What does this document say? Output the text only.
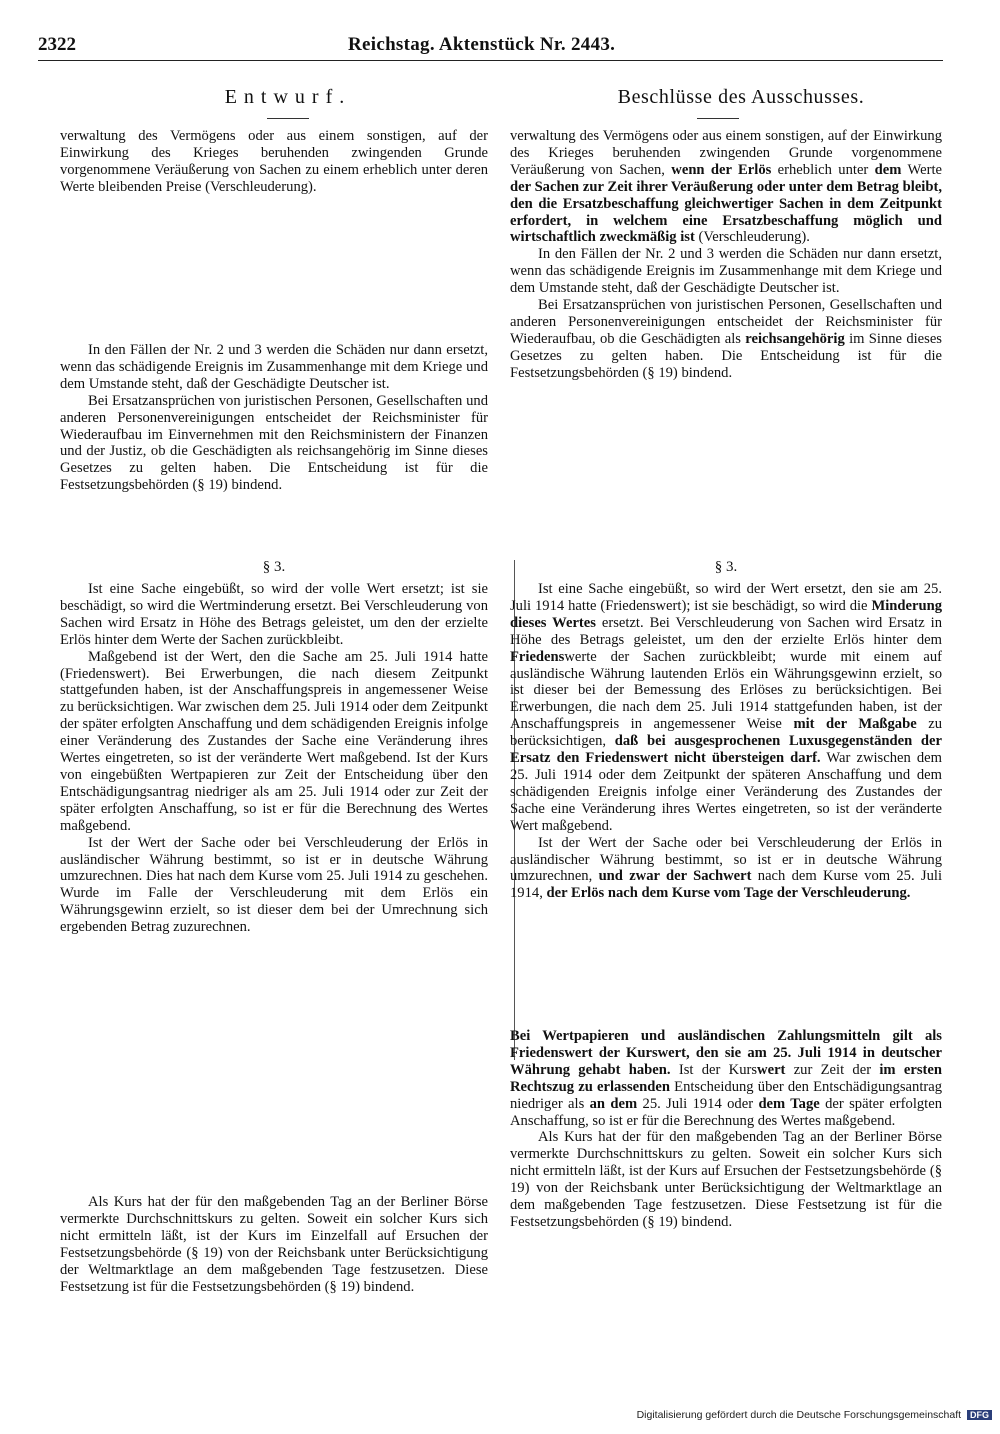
2322	Reichstag. Aktenstück Nr. 2443.
Entwurf.	Beschlüsse des Ausschusses.

verwaltung des Vermögens oder aus einem sonstigen, auf der Einwirkung des Krieges beruhenden zwingenden Grunde vorgenommene Veräußerung von Sachen zu einem erheblich unter deren Werte bleibenden Preise (Verschleuderung).

In den Fällen der Nr. 2 und 3 werden die Schäden nur dann ersetzt, wenn das schädigende Ereignis im Zusammenhange mit dem Kriege und dem Umstande steht, daß der Geschädigte Deutscher ist.

Bei Ersatzansprüchen von juristischen Personen, Gesellschaften und anderen Personenvereinigungen entscheidet der Reichsminister für Wiederaufbau im Einvernehmen mit den Reichsministern der Finanzen und der Justiz, ob die Geschädigten als reichsangehörig im Sinne dieses Gesetzes zu gelten haben. Die Entscheidung ist für die Festsetzungsbehörden (§ 19) bindend.

§ 3.

Ist eine Sache eingebüßt, so wird der volle Wert ersetzt; ist sie beschädigt, so wird die Wertminderung ersetzt. Bei Verschleuderung von Sachen wird Ersatz in Höhe des Betrags geleistet, um den der erzielte Erlös hinter dem Werte der Sachen zurückbleibt.

Maßgebend ist der Wert, den die Sache am 25. Juli 1914 hatte (Friedenswert). Bei Erwerbungen, die nach diesem Zeitpunkt stattgefunden haben, ist der Anschaffungspreis in angemessener Weise zu berücksichtigen. War zwischen dem 25. Juli 1914 oder dem Zeitpunkt der später erfolgten Anschaffung und dem schädigenden Ereignis infolge einer Veränderung des Zustandes der Sache eine Veränderung ihres Wertes eingetreten, so ist der veränderte Wert maßgebend. Ist der Kurs von eingebüßten Wertpapieren zur Zeit der Entscheidung über den Entschädigungsantrag niedriger als am 25. Juli 1914 oder zur Zeit der später erfolgten Anschaffung, so ist er für die Berechnung des Wertes maßgebend.

Ist der Wert der Sache oder bei Verschleuderung der Erlös in ausländischer Währung bestimmt, so ist er in deutsche Währung umzurechnen. Dies hat nach dem Kurse vom 25. Juli 1914 zu geschehen. Wurde im Falle der Verschleuderung mit dem Erlös ein Währungsgewinn erzielt, so ist dieser dem bei der Umrechnung sich ergebenden Betrag zuzurechnen.

Als Kurs hat der für den maßgebenden Tag an der Berliner Börse vermerkte Durchschnittskurs zu gelten. Soweit ein solcher Kurs sich nicht ermitteln läßt, ist der Kurs im Einzelfall auf Ersuchen der Festsetzungsbehörde (§ 19) von der Reichsbank unter Berücksichtigung der Weltmarktlage an dem maßgebenden Tage festzusetzen. Diese Festsetzung ist für die Festsetzungsbehörden (§ 19) bindend.

verwaltung des Vermögens oder aus einem sonstigen, auf der Einwirkung des Krieges beruhenden zwingenden Grunde vorgenommene Veräußerung von Sachen, wenn der Erlös erheblich unter dem Werte der Sachen zur Zeit ihrer Veräußerung oder unter dem Betrag bleibt, den die Ersatzbeschaffung gleichwertiger Sachen in dem Zeitpunkt erfordert, in welchem eine Ersatzbeschaffung möglich und wirtschaftlich zweckmäßig ist (Verschleuderung).

In den Fällen der Nr. 2 und 3 werden die Schäden nur dann ersetzt, wenn das schädigende Ereignis im Zusammenhange mit dem Kriege und dem Umstande steht, daß der Geschädigte Deutscher ist.

Bei Ersatzansprüchen von juristischen Personen, Gesellschaften und anderen Personenvereinigungen entscheidet der Reichsminister für Wiederaufbau, ob die Geschädigten als reichsangehörig im Sinne dieses Gesetzes zu gelten haben. Die Entscheidung ist für die Festsetzungsbehörden (§ 19) bindend.

§ 3.

Ist eine Sache eingebüßt, so wird der Wert ersetzt, den sie am 25. Juli 1914 hatte (Friedenswert); ist sie beschädigt, so wird die Minderung dieses Wertes ersetzt. Bei Verschleuderung von Sachen wird Ersatz in Höhe des Betrags geleistet, um den der erzielte Erlös hinter dem Friedenswerte der Sachen zurückbleibt; wurde mit einem auf ausländische Währung lautenden Erlös ein Währungsgewinn erzielt, so ist dieser bei der Bemessung des Erlöses zu berücksichtigen. Bei Erwerbungen, die nach dem 25. Juli 1914 stattgefunden haben, ist der Anschaffungspreis in angemessener Weise mit der Maßgabe zu berücksichtigen, daß bei ausgesprochenen Luxusgegenständen der Ersatz den Friedenswert nicht übersteigen darf. War zwischen dem 25. Juli 1914 oder dem Zeitpunkt der späteren Anschaffung und dem schädigenden Ereignis infolge einer Veränderung des Zustandes der Sache eine Veränderung ihres Wertes eingetreten, so ist der veränderte Wert maßgebend.

Ist der Wert der Sache oder bei Verschleuderung der Erlös in ausländischer Währung bestimmt, so ist er in deutsche Währung umzurechnen, und zwar der Sachwert nach dem Kurse vom 25. Juli 1914, der Erlös nach dem Kurse vom Tage der Verschleuderung.

Bei Wertpapieren und ausländischen Zahlungsmitteln gilt als Friedenswert der Kurswert, den sie am 25. Juli 1914 in deutscher Währung gehabt haben. Ist der Kurswert zur Zeit der im ersten Rechtszug zu erlassenden Entscheidung über den Entschädigungsantrag niedriger als an dem 25. Juli 1914 oder dem Tage der später erfolgten Anschaffung, so ist er für die Berechnung des Wertes maßgebend.

Als Kurs hat der für den maßgebenden Tag an der Berliner Börse vermerkte Durchschnittskurs zu gelten. Soweit ein solcher Kurs sich nicht ermitteln läßt, ist der Kurs auf Ersuchen der Festsetzungsbehörde (§ 19) von der Reichsbank unter Berücksichtigung der Weltmarktlage an dem maßgebenden Tage festzusetzen. Diese Festsetzung ist für die Festsetzungsbehörden (§ 19) bindend.

Digitalisierung gefördert durch die Deutsche Forschungsgemeinschaft DFG
